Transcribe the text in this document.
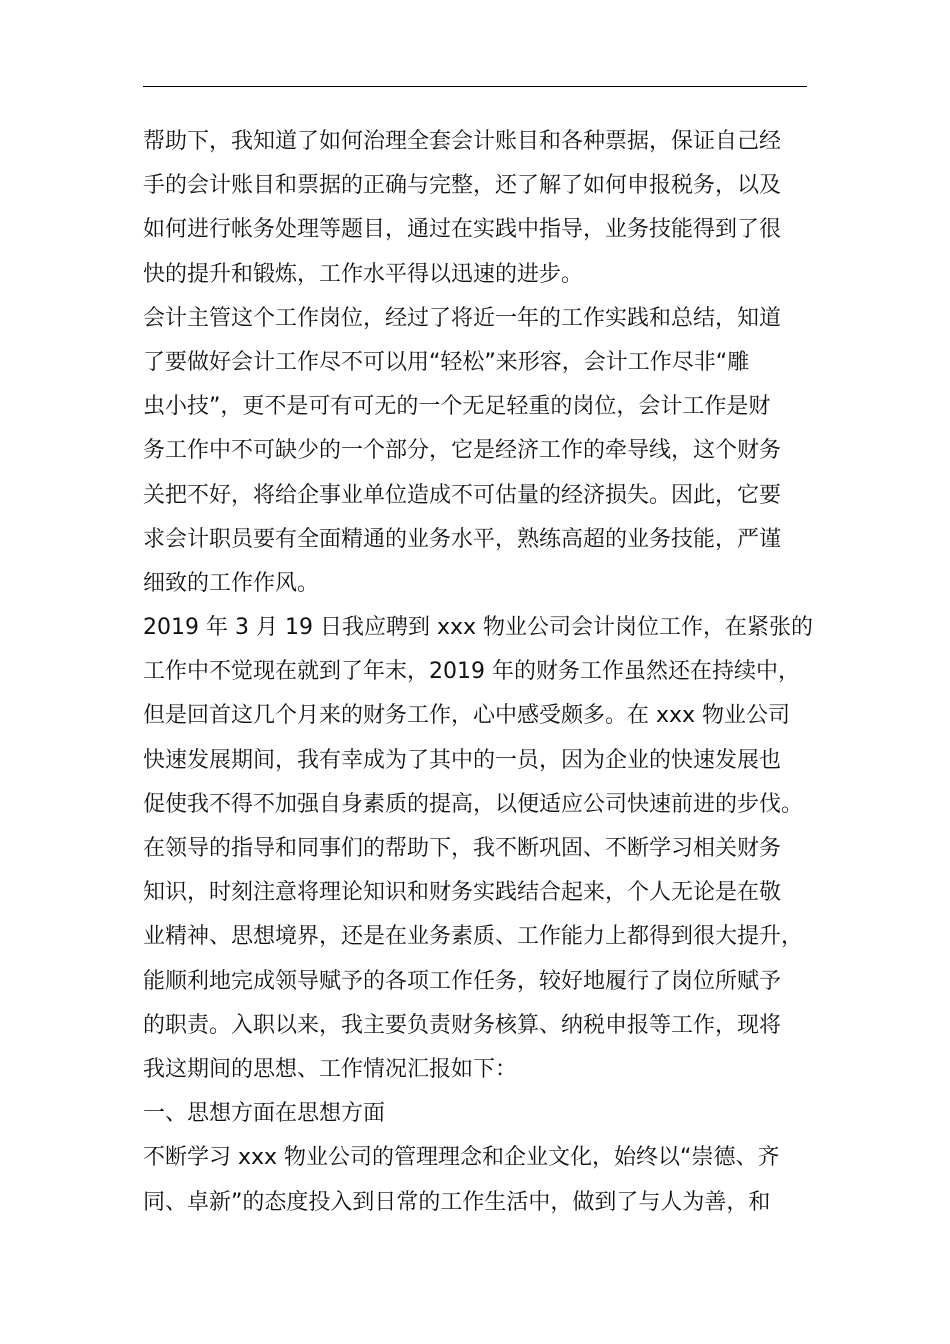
帮助下，我知道了如何治理全套会计账目和各种票据，保证自己经
手的会计账目和票据的正确与完整，还了解了如何申报税务，以及
如何进行帐务处理等题目，通过在实践中指导，业务技能得到了很
快的提升和锻炼，工作水平得以迅速的进步。
会计主管这个工作岗位，经过了将近一年的工作实践和总结，知道
了要做好会计工作尽不可以用“轻松”来形容，会计工作尽非“雕
虫小技”，更不是可有可无的一个无足轻重的岗位，会计工作是财
务工作中不可缺少的一个部分，它是经济工作的牵导线，这个财务
关把不好，将给企事业单位造成不可估量的经济损失。因此，它要
求会计职员要有全面精通的业务水平，熟练高超的业务技能，严谨
细致的工作作风。
2019 年 3 月 19 日我应聘到 xxx 物业公司会计岗位工作，在紧张的
工作中不觉现在就到了年末，2019 年的财务工作虽然还在持续中，
但是回首这几个月来的财务工作，心中感受颇多。在 xxx 物业公司
快速发展期间，我有幸成为了其中的一员，因为企业的快速发展也
促使我不得不加强自身素质的提高，以便适应公司快速前进的步伐。
在领导的指导和同事们的帮助下，我不断巩固、不断学习相关财务
知识，时刻注意将理论知识和财务实践结合起来，个人无论是在敬
业精神、思想境界，还是在业务素质、工作能力上都得到很大提升，
能顺利地完成领导赋予的各项工作任务，较好地履行了岗位所赋予
的职责。入职以来，我主要负责财务核算、纳税申报等工作，现将
我这期间的思想、工作情况汇报如下：
一、思想方面在思想方面
不断学习 xxx 物业公司的管理理念和企业文化，始终以“崇德、齐
同、卓新”的态度投入到日常的工作生活中，做到了与人为善，和
